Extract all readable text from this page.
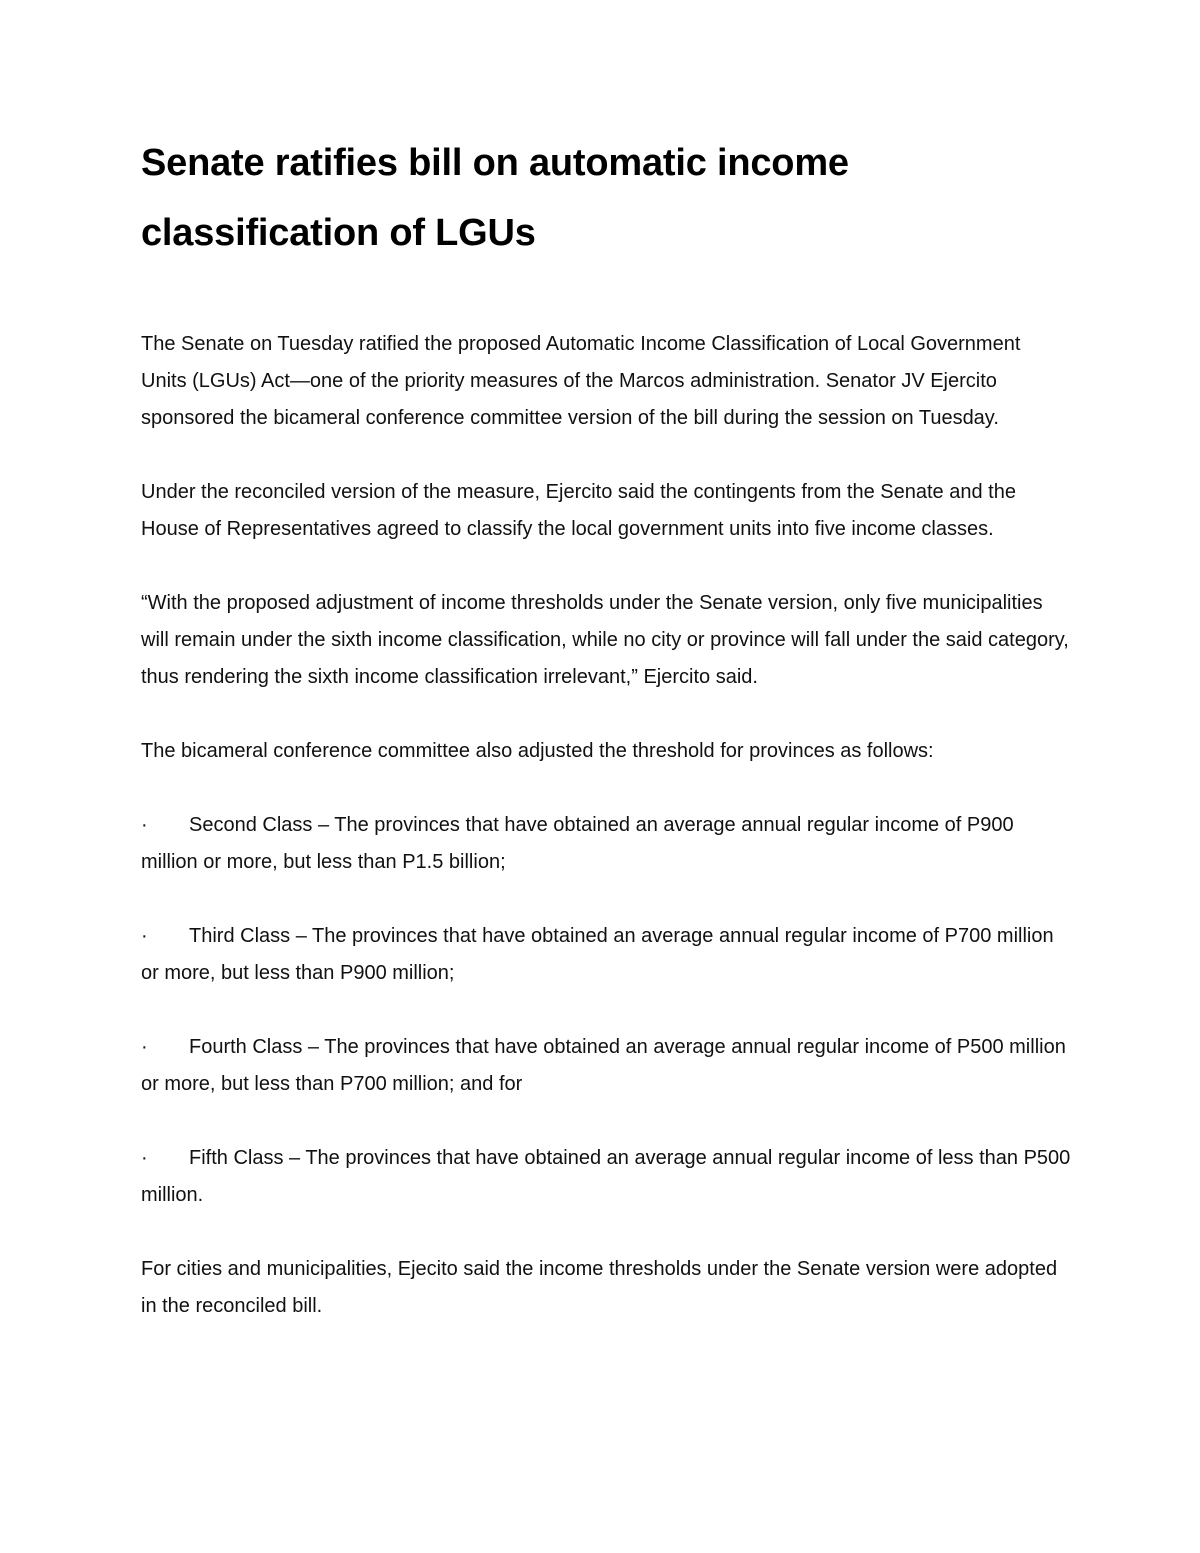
Senate ratifies bill on automatic income
classification of LGUs

The Senate on Tuesday ratified the proposed Automatic Income Classification of Local Government Units (LGUs) Act—one of the priority measures of the Marcos administration. Senator JV Ejercito sponsored the bicameral conference committee version of the bill during the session on Tuesday.

Under the reconciled version of the measure, Ejercito said the contingents from the Senate and the House of Representatives agreed to classify the local government units into five income classes.

“With the proposed adjustment of income thresholds under the Senate version, only five municipalities will remain under the sixth income classification, while no city or province will fall under the said category, thus rendering the sixth income classification irrelevant,” Ejercito said.

The bicameral conference committee also adjusted the threshold for provinces as follows:

· Second Class – The provinces that have obtained an average annual regular income of P900 million or more, but less than P1.5 billion;

· Third Class – The provinces that have obtained an average annual regular income of P700 million or more, but less than P900 million;

· Fourth Class – The provinces that have obtained an average annual regular income of P500 million or more, but less than P700 million; and for

· Fifth Class – The provinces that have obtained an average annual regular income of less than P500 million.

For cities and municipalities, Ejecito said the income thresholds under the Senate version were adopted in the reconciled bill.
